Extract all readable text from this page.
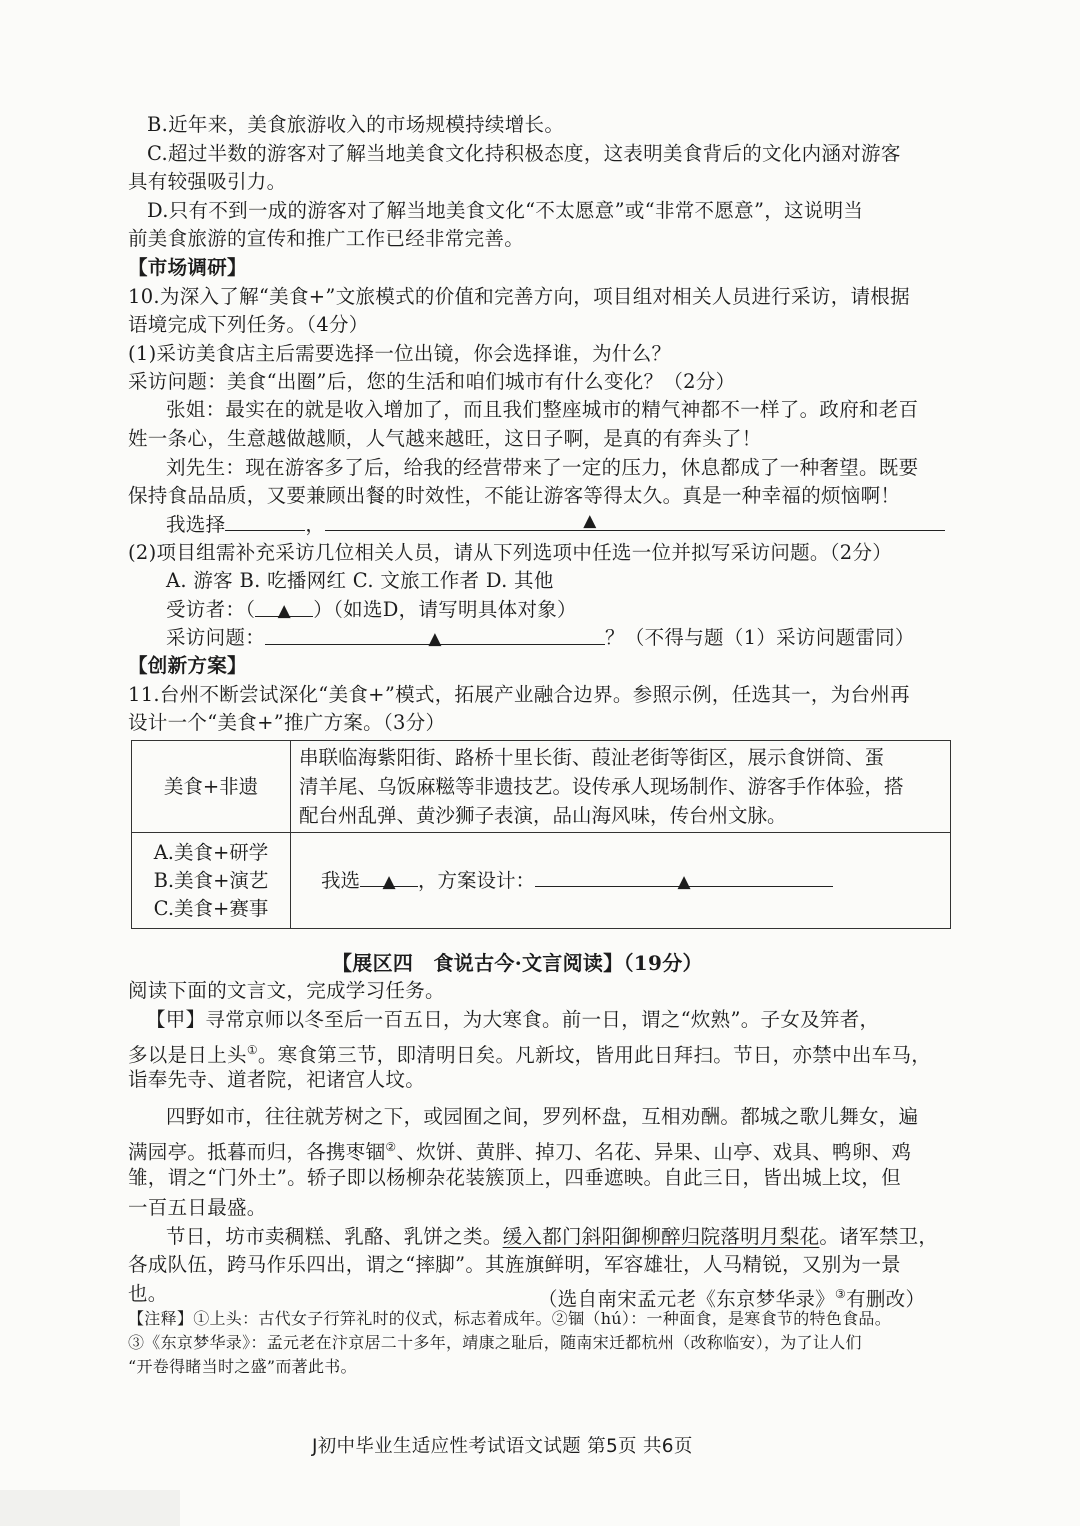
B.近年来，美食旅游收入的市场规模持续增长。
C.超过半数的游客对了解当地美食文化持积极态度，这表明美食背后的文化内涵对游客
具有较强吸引力。
D.只有不到一成的游客对了解当地美食文化“不太愿意”或“非常不愿意”，这说明当
前美食旅游的宣传和推广工作已经非常完善。
【市场调研】
10.为深入了解“美食+”文旅模式的价值和完善方向，项目组对相关人员进行采访，请根据
语境完成下列任务。（4分）
(1)采访美食店主后需要选择一位出镜，你会选择谁，为什么？
采访问题：美食“出圈”后，您的生活和咱们城市有什么变化？（2分）
张姐：最实在的就是收入增加了，而且我们整座城市的精气神都不一样了。政府和老百
姓一条心，生意越做越顺，人气越来越旺，这日子啊，是真的有奔头了！
刘先生：现在游客多了后，给我的经营带来了一定的压力，休息都成了一种奢望。既要
保持食品品质，又要兼顾出餐的时效性，不能让游客等得太久。真是一种幸福的烦恼啊！
我选择	，	▲
(2)项目组需补充采访几位相关人员，请从下列选项中任选一位并拟写采访问题。（2分）
A. 游客 B. 吃播网红 C. 文旅工作者 D. 其他
受访者：（ ▲ ）（如选D，请写明具体对象）
采访问题：	▲	？（不得与题（1）采访问题雷同）
【创新方案】
11.台州不断尝试深化“美食+”模式，拓展产业融合边界。参照示例，任选其一，为台州再
设计一个“美食+”推广方案。（3分）
美食+非遗	串联临海紫阳街、路桥十里长街、葭沚老街等街区，展示食饼筒、蛋
清羊尾、乌饭麻糍等非遗技艺。设传承人现场制作、游客手作体验，搭
配台州乱弹、黄沙狮子表演，品山海风味，传台州文脉。

A.美食+研学
B.美食+演艺
C.美食+赛事	我选 ▲ ，方案设计： ▲
【展区四　食说古今·文言阅读】（19分）
阅读下面的文言文，完成学习任务。
【甲】寻常京师以冬至后一百五日，为大寒食。前一日，谓之“炊熟”。子女及笄者，
多以是日上头①。寒食第三节，即清明日矣。凡新坟，皆用此日拜扫。节日，亦禁中出车马，
诣奉先寺、道者院，祀诸宫人坟。
四野如市，往往就芳树之下，或园囿之间，罗列杯盘，互相劝酬。都城之歌儿舞女，遍
满园亭。抵暮而归，各携枣锢②、炊饼、黄胖、掉刀、名花、异果、山亭、戏具、鸭卵、鸡
雏，谓之“门外土”。轿子即以杨柳杂花装簇顶上，四垂遮映。自此三日，皆出城上坟，但
一百五日最盛。
节日，坊市卖稠糕、乳酪、乳饼之类。缓入都门斜阳御柳醉归院落明月梨花。诸军禁卫，
各成队伍，跨马作乐四出，谓之“摔脚”。其旌旗鲜明，军容雄壮，人马精锐，又别为一景
也。	（选自南宋孟元老《东京梦华录》③有删改）
【注释】①上头：古代女子行笄礼时的仪式，标志着成年。②锢（hú）：一种面食，是寒食节的特色食品。
③《东京梦华录》：孟元老在汴京居二十多年，靖康之耻后，随南宋迁都杭州（改称临安），为了让人们
“开卷得睹当时之盛”而著此书。
J初中毕业生适应性考试语文试题 第5页 共6页
